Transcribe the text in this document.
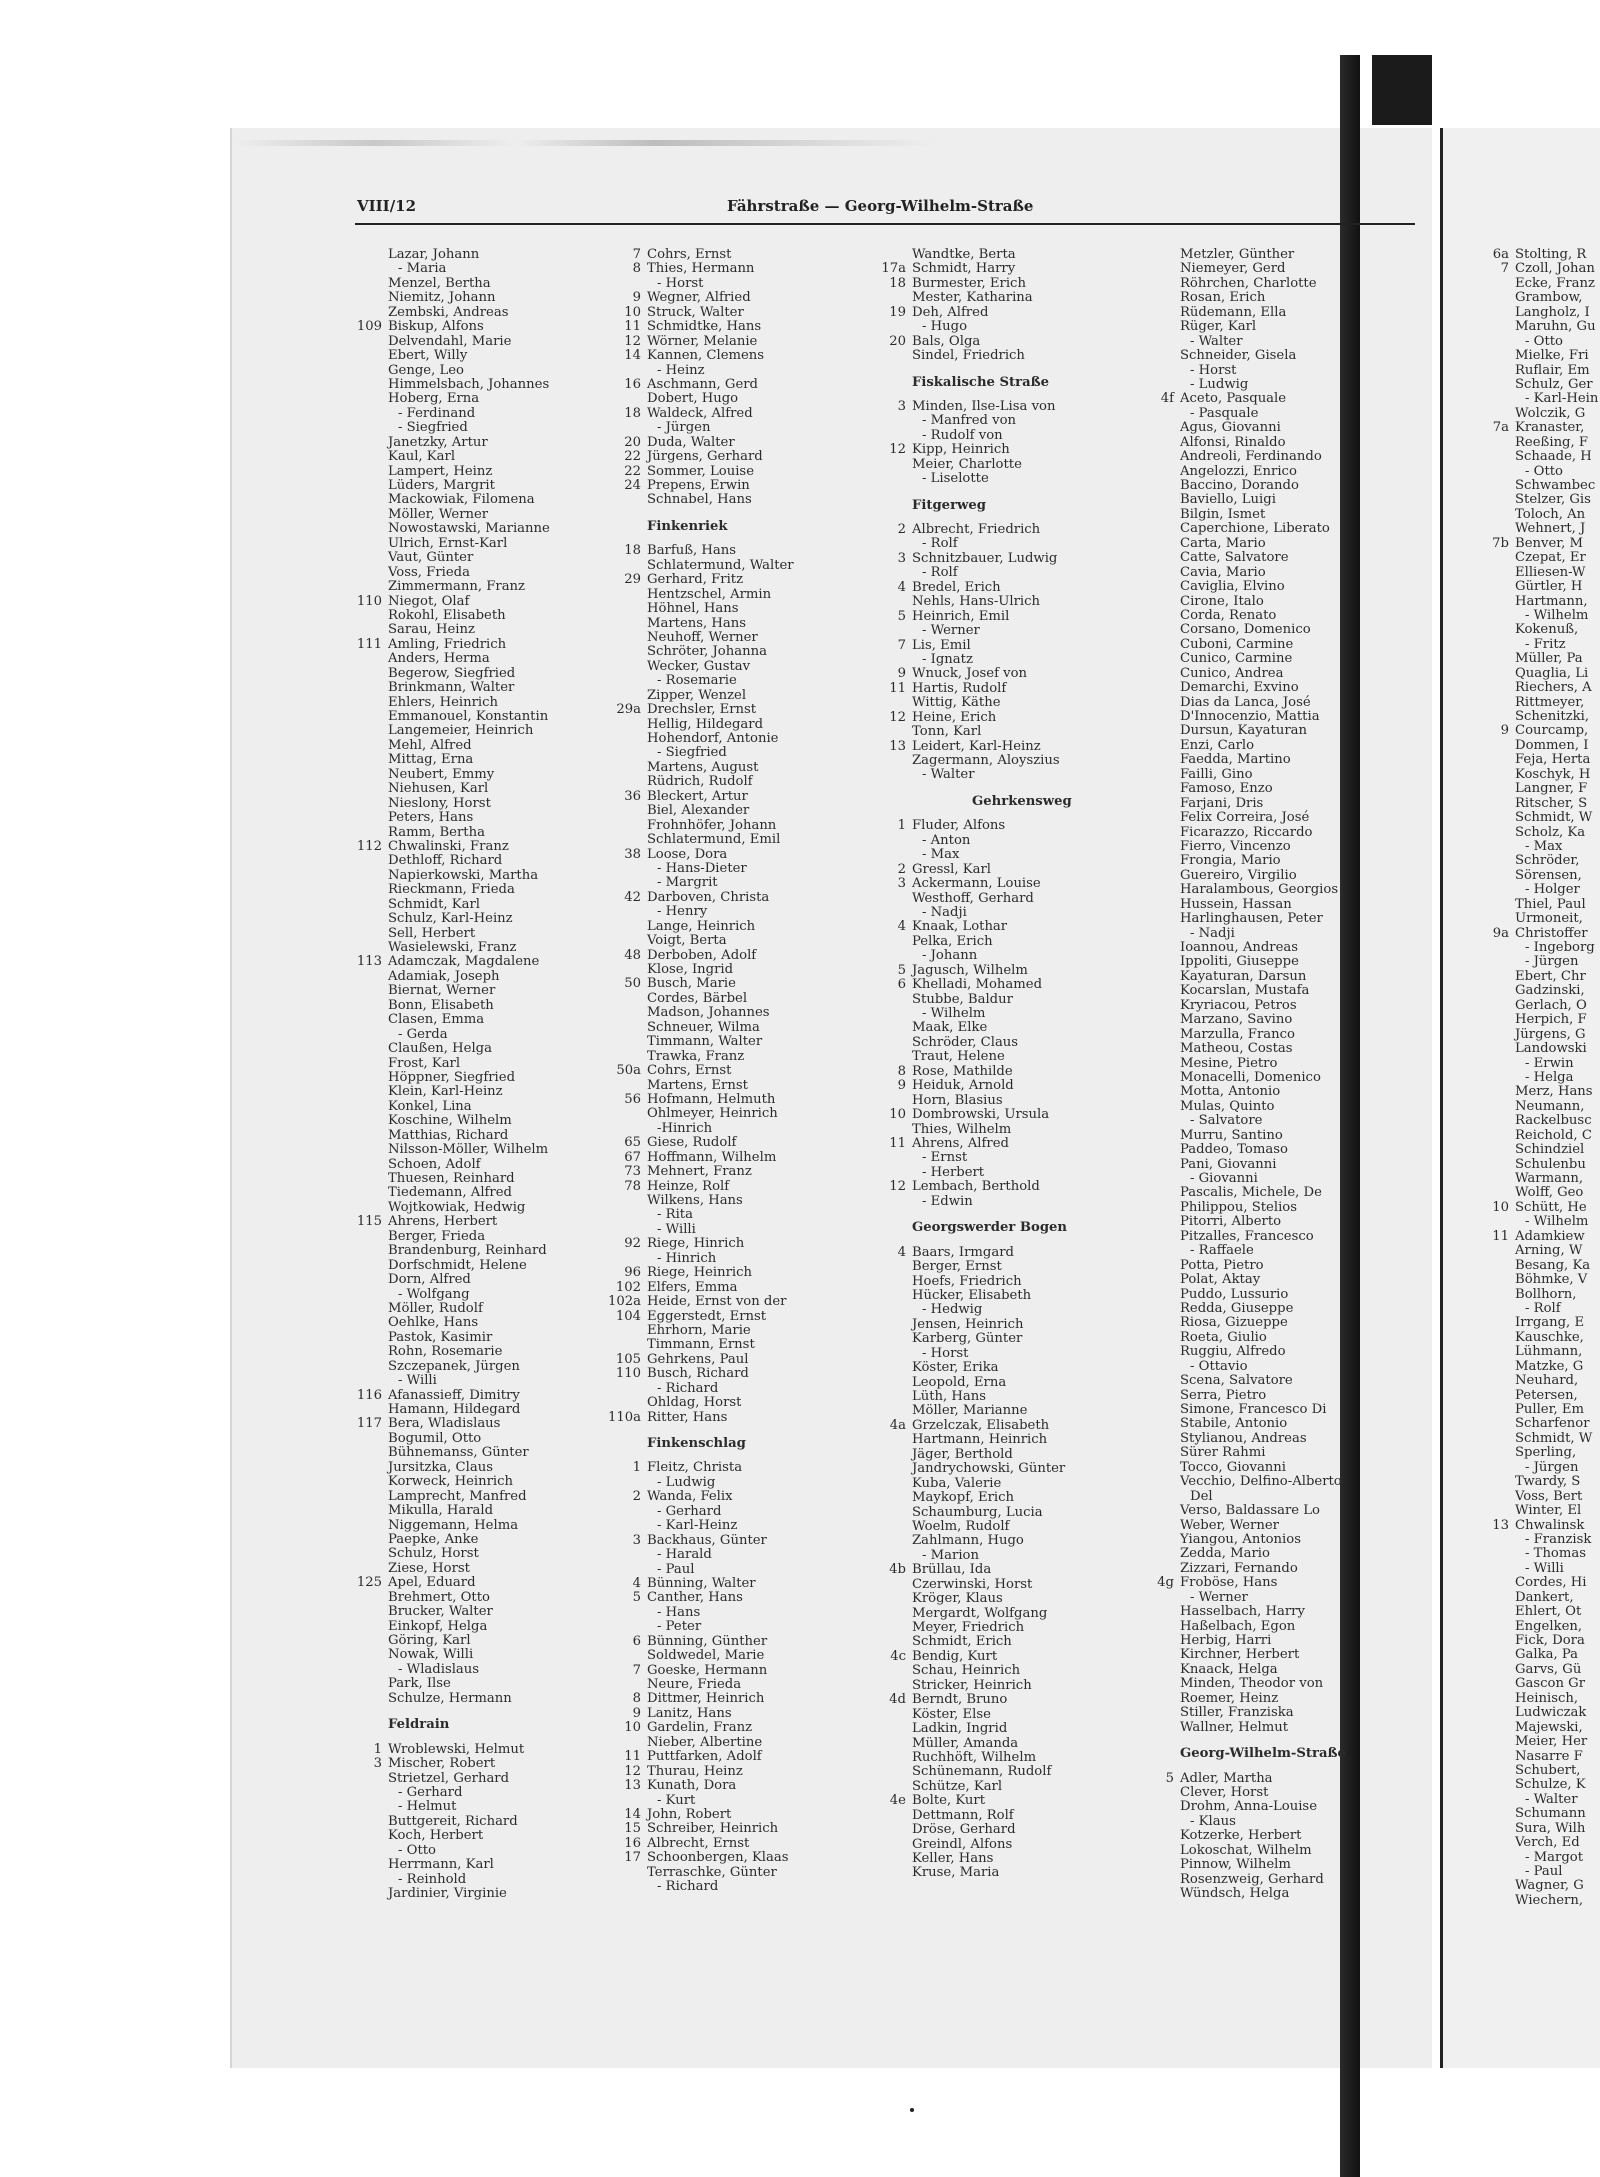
VIII/12	Fährstraße — Georg-Wilhelm-Straße
Lazar, Johann
- Maria
Menzel, Bertha
Niemitz, Johann
Zembski, Andreas
109 Biskup, Alfons
Delvendahl, Marie
Ebert, Willy
Genge, Leo
Himmelsbach, Johannes
Hoberg, Erna
- Ferdinand
- Siegfried
Janetzky, Artur
Kaul, Karl
Lampert, Heinz
Lüders, Margrit
Mackowiak, Filomena
Möller, Werner
Nowostawski, Marianne
Ulrich, Ernst-Karl
Vaut, Günter
Voss, Frieda
Zimmermann, Franz
110 Niegot, Olaf
Rokohl, Elisabeth
Sarau, Heinz
111 Amling, Friedrich
Anders, Herma
Begerow, Siegfried
Brinkmann, Walter
Ehlers, Heinrich
Emmanouel, Konstantin
Langemeier, Heinrich
Mehl, Alfred
Mittag, Erna
Neubert, Emmy
Niehusen, Karl
Nieslony, Horst
Peters, Hans
Ramm, Bertha
112 Chwalinski, Franz
Dethloff, Richard
Napierkowski, Martha
Rieckmann, Frieda
Schmidt, Karl
Schulz, Karl-Heinz
Sell, Herbert
Wasielewski, Franz
113 Adamczak, Magdalene
Adamiak, Joseph
Biernat, Werner
Bonn, Elisabeth
Clasen, Emma
- Gerda
Claußen, Helga
Frost, Karl
Höppner, Siegfried
Klein, Karl-Heinz
Konkel, Lina
Koschine, Wilhelm
Matthias, Richard
Nilsson-Möller, Wilhelm
Schoen, Adolf
Thuesen, Reinhard
Tiedemann, Alfred
Wojtkowiak, Hedwig
115 Ahrens, Herbert
Berger, Frieda
Brandenburg, Reinhard
Dorfschmidt, Helene
Dorn, Alfred
- Wolfgang
Möller, Rudolf
Oehlke, Hans
Pastok, Kasimir
Rohn, Rosemarie
Szczepanek, Jürgen
- Willi
116 Afanassieff, Dimitry
Hamann, Hildegard
117 Bera, Wladislaus
Bogumil, Otto
Bühnemanss, Günter
Jursitzka, Claus
Korweck, Heinrich
Lamprecht, Manfred
Mikulla, Harald
Niggemann, Helma
Paepke, Anke
Schulz, Horst
Ziese, Horst
125 Apel, Eduard
Brehmert, Otto
Brucker, Walter
Einkopf, Helga
Göring, Karl
Nowak, Willi
- Wladislaus
Park, Ilse
Schulze, Hermann
Feldrain
1 Wroblewski, Helmut
3 Mischer, Robert
Strietzel, Gerhard
- Gerhard
- Helmut
Buttgereit, Richard
Koch, Herbert
- Otto
Herrmann, Karl
- Reinhold
Jardinier, Virginie
7 Cohrs, Ernst
8 Thies, Hermann
- Horst
9 Wegner, Alfried
10 Struck, Walter
11 Schmidtke, Hans
12 Wörner, Melanie
14 Kannen, Clemens
- Heinz
16 Aschmann, Gerd
Dobert, Hugo
18 Waldeck, Alfred
- Jürgen
20 Duda, Walter
22 Jürgens, Gerhard
22 Sommer, Louise
24 Prepens, Erwin
Schnabel, Hans
Finkenriek
18 Barfuß, Hans
Schlatermund, Walter
29 Gerhard, Fritz
Hentzschel, Armin
Höhnel, Hans
Martens, Hans
Neuhoff, Werner
Schröter, Johanna
Wecker, Gustav
- Rosemarie
Zipper, Wenzel
29a Drechsler, Ernst
Hellig, Hildegard
Hohendorf, Antonie
- Siegfried
Martens, August
Rüdrich, Rudolf
36 Bleckert, Artur
Biel, Alexander
Frohnhöfer, Johann
Schlatermund, Emil
38 Loose, Dora
- Hans-Dieter
- Margrit
42 Darboven, Christa
- Henry
Lange, Heinrich
Voigt, Berta
48 Derboben, Adolf
Klose, Ingrid
50 Busch, Marie
Cordes, Bärbel
Madson, Johannes
Schneuer, Wilma
Timmann, Walter
Trawka, Franz
50a Cohrs, Ernst
Martens, Ernst
56 Hofmann, Helmuth
Ohlmeyer, Heinrich
-Hinrich
65 Giese, Rudolf
67 Hoffmann, Wilhelm
73 Mehnert, Franz
78 Heinze, Rolf
Wilkens, Hans
- Rita
- Willi
92 Riege, Hinrich
- Hinrich
96 Riege, Heinrich
102 Elfers, Emma
102a Heide, Ernst von der
104 Eggerstedt, Ernst
Ehrhorn, Marie
Timmann, Ernst
105 Gehrkens, Paul
110 Busch, Richard
- Richard
Ohldag, Horst
110a Ritter, Hans
Finkenschlag
1 Fleitz, Christa
- Ludwig
2 Wanda, Felix
- Gerhard
- Karl-Heinz
3 Backhaus, Günter
- Harald
- Paul
4 Bünning, Walter
5 Canther, Hans
- Hans
- Peter
6 Bünning, Günther
Soldwedel, Marie
7 Goeske, Hermann
Neure, Frieda
8 Dittmer, Heinrich
9 Lanitz, Hans
10 Gardelin, Franz
Nieber, Albertine
11 Puttfarken, Adolf
12 Thurau, Heinz
13 Kunath, Dora
- Kurt
14 John, Robert
15 Schreiber, Heinrich
16 Albrecht, Ernst
17 Schoonbergen, Klaas
Terraschke, Günter
- Richard
Wandtke, Berta
17a Schmidt, Harry
18 Burmester, Erich
Mester, Katharina
19 Deh, Alfred
- Hugo
20 Bals, Olga
Sindel, Friedrich
Fiskalische Straße
3 Minden, Ilse-Lisa von
- Manfred von
- Rudolf von
12 Kipp, Heinrich
Meier, Charlotte
- Liselotte
Fitgerweg
2 Albrecht, Friedrich
- Rolf
3 Schnitzbauer, Ludwig
- Rolf
4 Bredel, Erich
Nehls, Hans-Ulrich
5 Heinrich, Emil
- Werner
7 Lis, Emil
- Ignatz
9 Wnuck, Josef von
11 Hartis, Rudolf
Wittig, Käthe
12 Heine, Erich
Tonn, Karl
13 Leidert, Karl-Heinz
Zagermann, Aloyszius
- Walter
Gehrkensweg
1 Fluder, Alfons
- Anton
- Max
2 Gressl, Karl
3 Ackermann, Louise
Westhoff, Gerhard
- Nadji
4 Knaak, Lothar
Pelka, Erich
- Johann
5 Jagusch, Wilhelm
6 Khelladi, Mohamed
Stubbe, Baldur
- Wilhelm
Maak, Elke
Schröder, Claus
Traut, Helene
8 Rose, Mathilde
9 Heiduk, Arnold
Horn, Blasius
10 Dombrowski, Ursula
Thies, Wilhelm
11 Ahrens, Alfred
- Ernst
- Herbert
12 Lembach, Berthold
- Edwin
Georgswerder Bogen
4 Baars, Irmgard
Berger, Ernst
Hoefs, Friedrich
Hücker, Elisabeth
- Hedwig
Jensen, Heinrich
Karberg, Günter
- Horst
Köster, Erika
Leopold, Erna
Lüth, Hans
Möller, Marianne
4a Grzelczak, Elisabeth
Hartmann, Heinrich
Jäger, Berthold
Jandrychowski, Günter
Kuba, Valerie
Maykopf, Erich
Schaumburg, Lucia
Woelm, Rudolf
Zahlmann, Hugo
- Marion
4b Brüllau, Ida
Czerwinski, Horst
Kröger, Klaus
Mergardt, Wolfgang
Meyer, Friedrich
Schmidt, Erich
4c Bendig, Kurt
Schau, Heinrich
Stricker, Heinrich
4d Berndt, Bruno
Köster, Else
Ladkin, Ingrid
Müller, Amanda
Ruchhöft, Wilhelm
Schünemann, Rudolf
Schütze, Karl
4e Bolte, Kurt
Dettmann, Rolf
Dröse, Gerhard
Greindl, Alfons
Keller, Hans
Kruse, Maria
Metzler, Günther
Niemeyer, Gerd
Röhrchen, Charlotte
Rosan, Erich
Rüdemann, Ella
Rüger, Karl
- Walter
Schneider, Gisela
- Horst
- Ludwig
4f Aceto, Pasquale
- Pasquale
Agus, Giovanni
Alfonsi, Rinaldo
Andreoli, Ferdinando
Angelozzi, Enrico
Baccino, Dorando
Baviello, Luigi
Bilgin, Ismet
Caperchione, Liberato
Carta, Mario
Catte, Salvatore
Cavia, Mario
Caviglia, Elvino
Cirone, Italo
Corda, Renato
Corsano, Domenico
Cuboni, Carmine
Cunico, Carmine
Cunico, Andrea
Demarchi, Exvino
Dias da Lanca, José
D'Innocenzio, Mattia
Dursun, Kayaturan
Enzi, Carlo
Faedda, Martino
Failli, Gino
Famoso, Enzo
Farjani, Dris
Felix Correira, José
Ficarazzo, Riccardo
Fierro, Vincenzo
Frongia, Mario
Guereiro, Virgilio
Haralambous, Georgios
Hussein, Hassan
Harlinghausen, Peter
- Nadji
Ioannou, Andreas
Ippoliti, Giuseppe
Kayaturan, Darsun
Kocarslan, Mustafa
Kryriacou, Petros
Marzano, Savino
Marzulla, Franco
Matheou, Costas
Mesine, Pietro
Monacelli, Domenico
Motta, Antonio
Mulas, Quinto
- Salvatore
Murru, Santino
Paddeo, Tomaso
Pani, Giovanni
- Giovanni
Pascalis, Michele, De
Philippou, Stelios
Pitorri, Alberto
Pitzalles, Francesco
- Raffaele
Potta, Pietro
Polat, Aktay
Puddo, Lussurio
Redda, Giuseppe
Riosa, Gizueppe
Roeta, Giulio
Ruggiu, Alfredo
- Ottavio
Scena, Salvatore
Serra, Pietro
Simone, Francesco Di
Stabile, Antonio
Stylianou, Andreas
Sürer Rahmi
Tocco, Giovanni
Vecchio, Delfino-Alberto
Del
Verso, Baldassare Lo
Weber, Werner
Yiangou, Antonios
Zedda, Mario
Zizzari, Fernando
4g Froböse, Hans
- Werner
Hasselbach, Harry
Haßelbach, Egon
Herbig, Harri
Kirchner, Herbert
Knaack, Helga
Minden, Theodor von
Roemer, Heinz
Stiller, Franziska
Wallner, Helmut
Georg-Wilhelm-Straße
5 Adler, Martha
Clever, Horst
Drohm, Anna-Louise
- Klaus
Kotzerke, Herbert
Lokoschat, Wilhelm
Pinnow, Wilhelm
Rosenzweig, Gerhard
Wündsch, Helga
6a Stolting, R
7 Czoll, Johan
Ecke, Franz
Grambow,
Langholz, I
Maruhn, Gu
- Otto
Mielke, Fri
Ruflair, Em
Schulz, Ger
- Karl-Hein
Wolczik, G
7a Kranaster,
Reeßing, F
Schaade, H
- Otto
Schwambec
Stelzer, Gis
Toloch, An
Wehnert, J
7b Benver, M
Czepat, Er
Elliesen-W
Gürtler, H
Hartmann,
- Wilhelm
Kokenuß,
- Fritz
Müller, Pa
Quaglia, Li
Riechers, A
Rittmeyer,
Schenitzki,
9 Courcamp,
Dommen, I
Feja, Herta
Koschyk, H
Langner, F
Ritscher, S
Schmidt, W
Scholz, Ka
- Max
Schröder,
Sörensen,
- Holger
Thiel, Paul
Urmoneit,
9a Christoffer
- Ingeborg
- Jürgen
Ebert, Chr
Gadzinski,
Gerlach, O
Herpich, F
Jürgens, G
Landowski
- Erwin
- Helga
Merz, Hans
Neumann,
Rackelbusc
Reichold, C
Schindziel
Schulenbu
Warmann,
Wolff, Geo
10 Schütt, He
- Wilhelm
11 Adamkiew
Arning, W
Besang, Ka
Böhmke, V
Bollhorn,
- Rolf
Irrgang, E
Kauschke,
Lühmann,
Matzke, G
Neuhard,
Petersen,
Puller, Em
Scharfenor
Schmidt, W
Sperling,
- Jürgen
Twardy, S
Voss, Bert
Winter, El
13 Chwalinsk
- Franzisk
- Thomas
- Willi
Cordes, Hi
Dankert,
Ehlert, Ot
Engelken,
Fick, Dora
Galka, Pa
Garvs, Gü
Gascon Gr
Heinisch,
Ludwiczak
Majewski,
Meier, Her
Nasarre F
Schubert,
Schulze, K
- Walter
Schumann
Sura, Wilh
Verch, Ed
- Margot
- Paul
Wagner, G
Wiechern,
